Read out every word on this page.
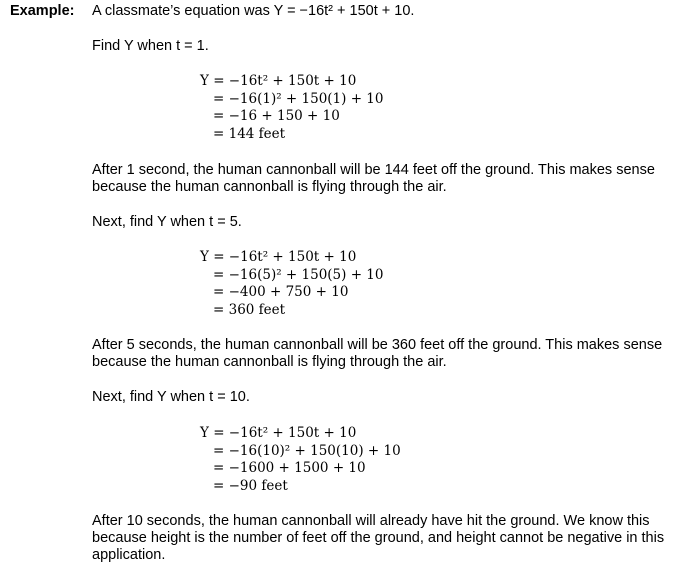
Example: A classmate’s equation was Y = −16t² + 150t + 10.
Find Y when t = 1.
Y = −16t² + 150t + 10
= −16(1)² + 150(1) + 10
= −16 + 150 + 10
= 144 feet
After 1 second, the human cannonball will be 144 feet off the ground. This makes sense because the human cannonball is flying through the air.
Next, find Y when t = 5.
Y = −16t² + 150t + 10
= −16(5)² + 150(5) + 10
= −400 + 750 + 10
= 360 feet
After 5 seconds, the human cannonball will be 360 feet off the ground. This makes sense because the human cannonball is flying through the air.
Next, find Y when t = 10.
Y = −16t² + 150t + 10
= −16(10)² + 150(10) + 10
= −1600 + 1500 + 10
= −90 feet
After 10 seconds, the human cannonball will already have hit the ground. We know this because height is the number of feet off the ground, and height cannot be negative in this application.
